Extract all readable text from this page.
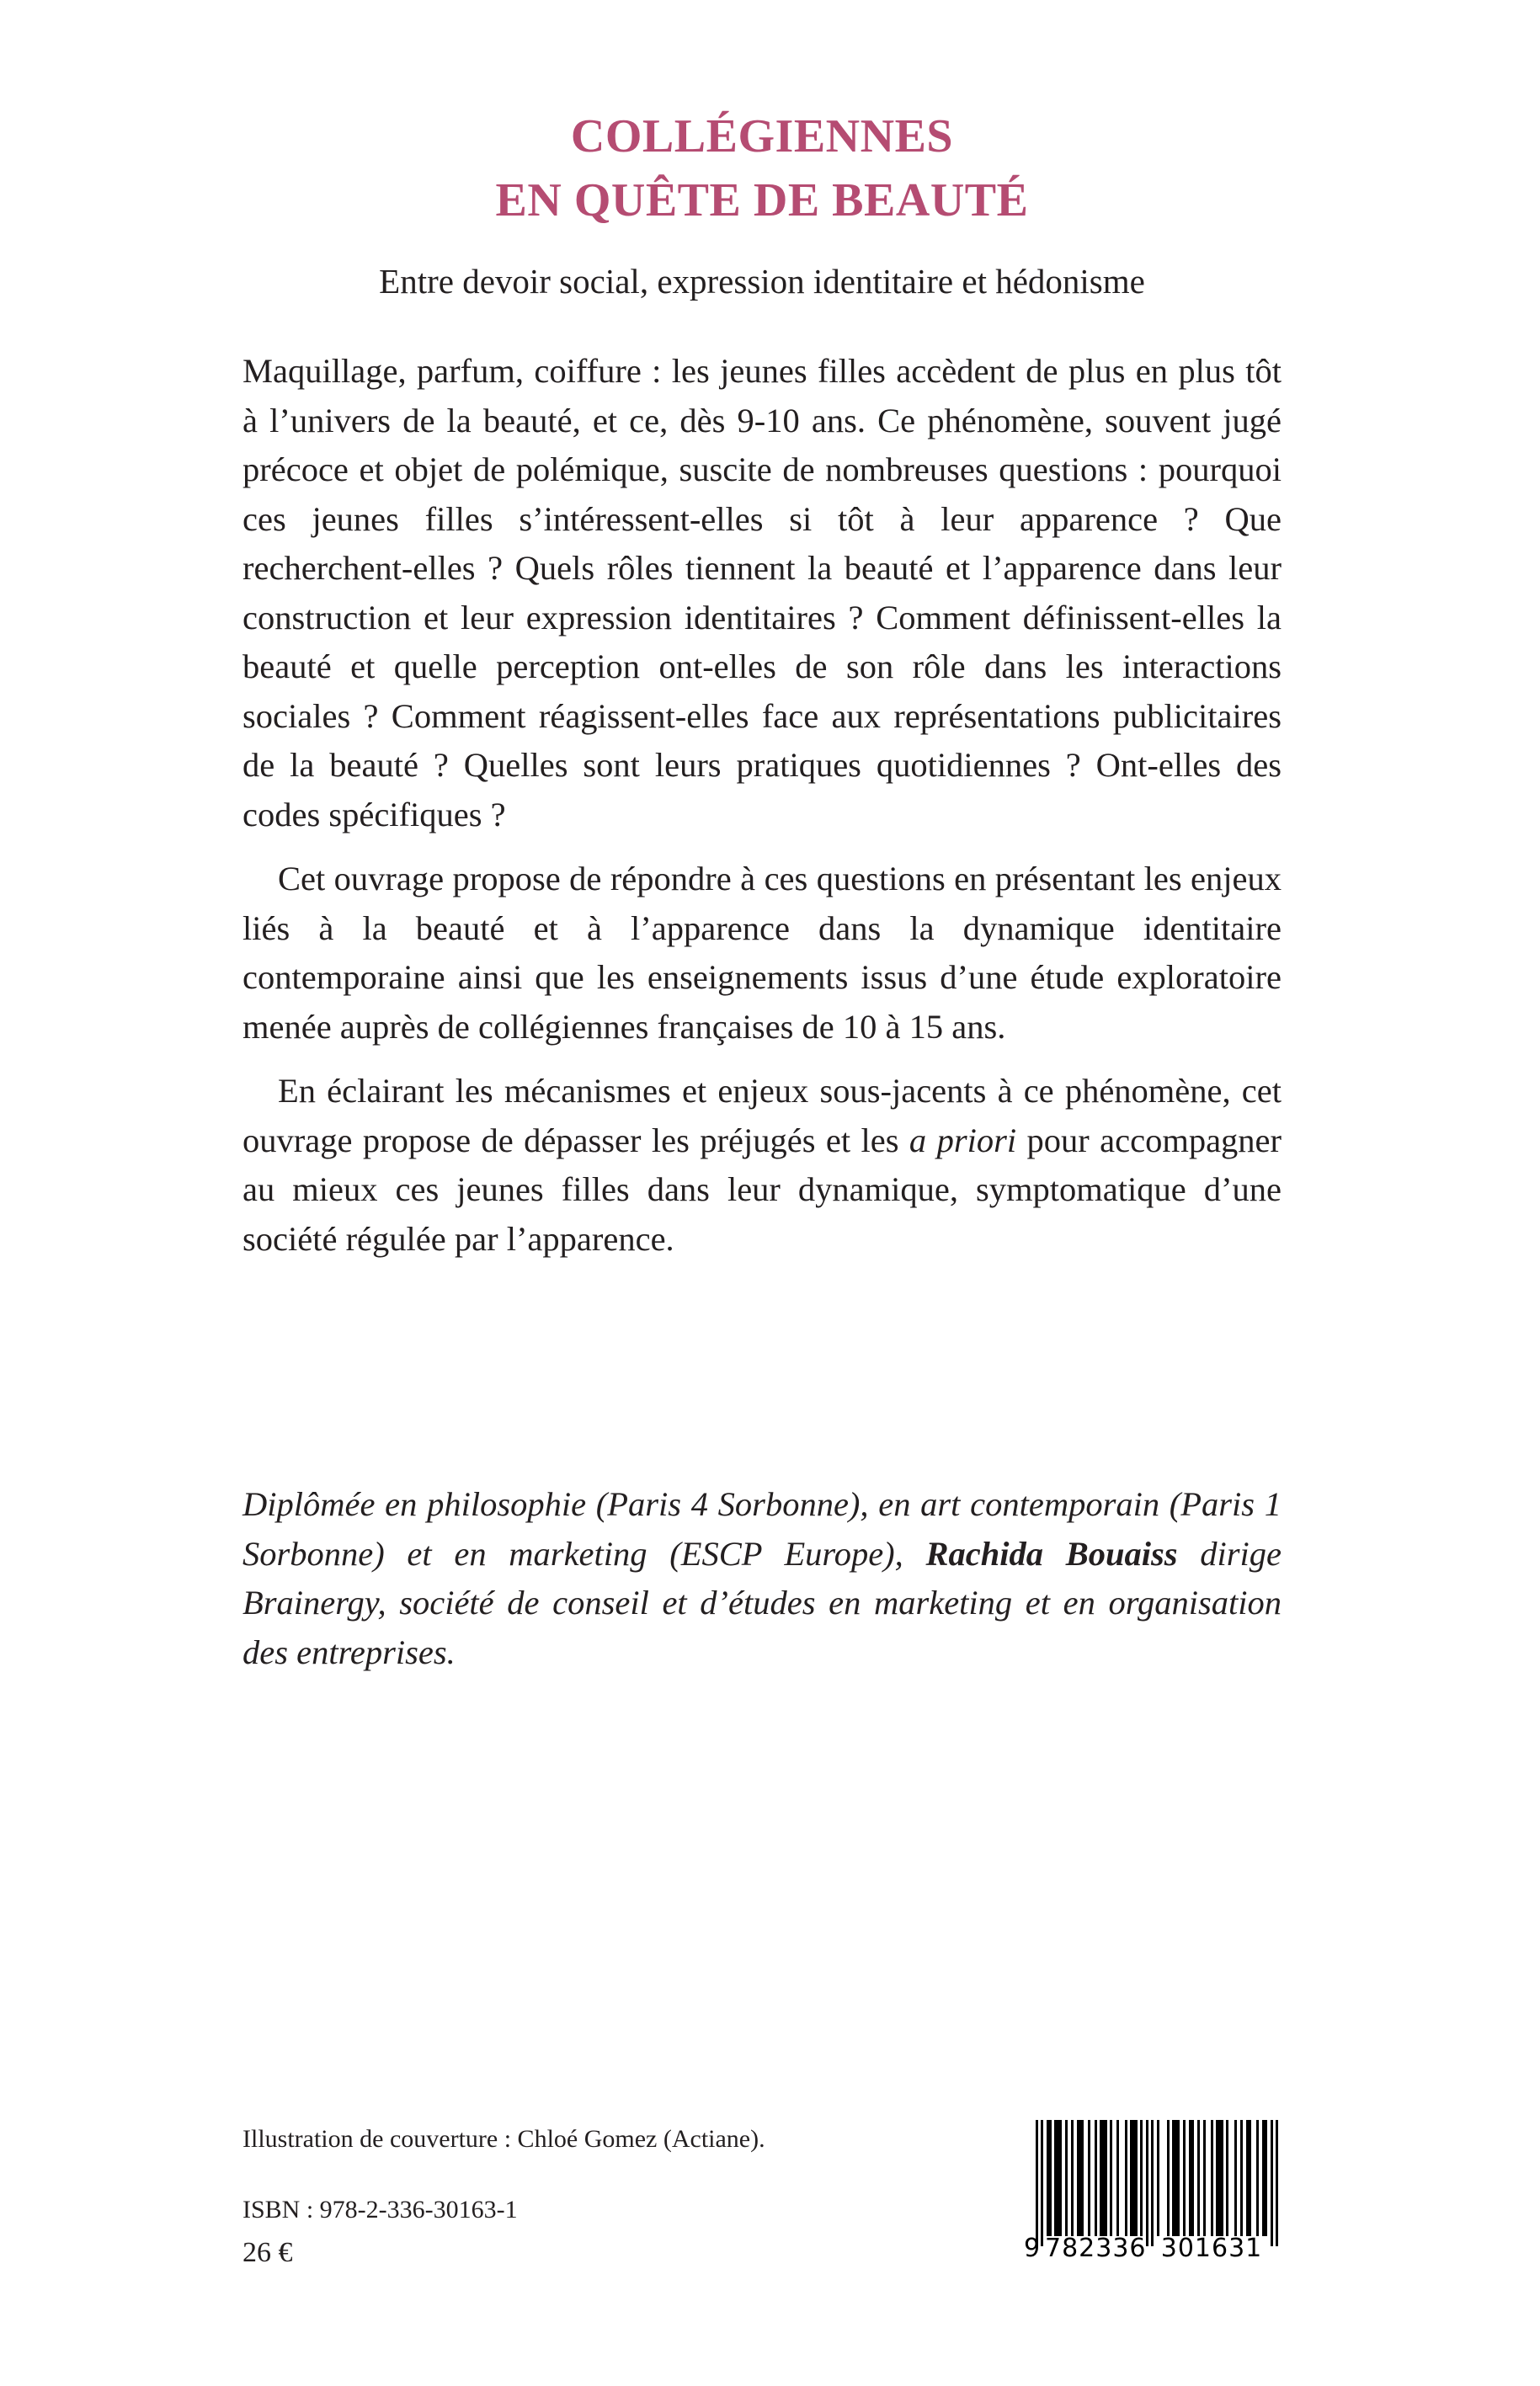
COLLÉGIENNES
EN QUÊTE DE BEAUTÉ

Entre devoir social, expression identitaire et hédonisme

Maquillage, parfum, coiffure : les jeunes filles accèdent de plus en plus tôt à l’univers de la beauté, et ce, dès 9-10 ans. Ce phénomène, souvent jugé précoce et objet de polémique, suscite de nombreuses questions : pourquoi ces jeunes filles s’intéressent-elles si tôt à leur apparence ? Que recherchent-elles ? Quels rôles tiennent la beauté et l’apparence dans leur construction et leur expression identitaires ? Comment définissent-elles la beauté et quelle perception ont-elles de son rôle dans les interactions sociales ? Comment réagissent-elles face aux représentations publicitaires de la beauté ? Quelles sont leurs pratiques quotidiennes ? Ont-elles des codes spécifiques ?

Cet ouvrage propose de répondre à ces questions en présentant les enjeux liés à la beauté et à l’apparence dans la dynamique identitaire contemporaine ainsi que les enseignements issus d’une étude exploratoire menée auprès de collégiennes françaises de 10 à 15 ans.

En éclairant les mécanismes et enjeux sous-jacents à ce phénomène, cet ouvrage propose de dépasser les préjugés et les a priori pour accompagner au mieux ces jeunes filles dans leur dynamique, symptomatique d’une société régulée par l’apparence.

Diplômée en philosophie (Paris 4 Sorbonne), en art contemporain (Paris 1 Sorbonne) et en marketing (ESCP Europe), Rachida Bouaiss dirige Brainergy, société de conseil et d’études en marketing et en organisation des entreprises.

Illustration de couverture : Chloé Gomez (Actiane).

ISBN : 978-2-336-30163-1

26 €	9 782336 301631
